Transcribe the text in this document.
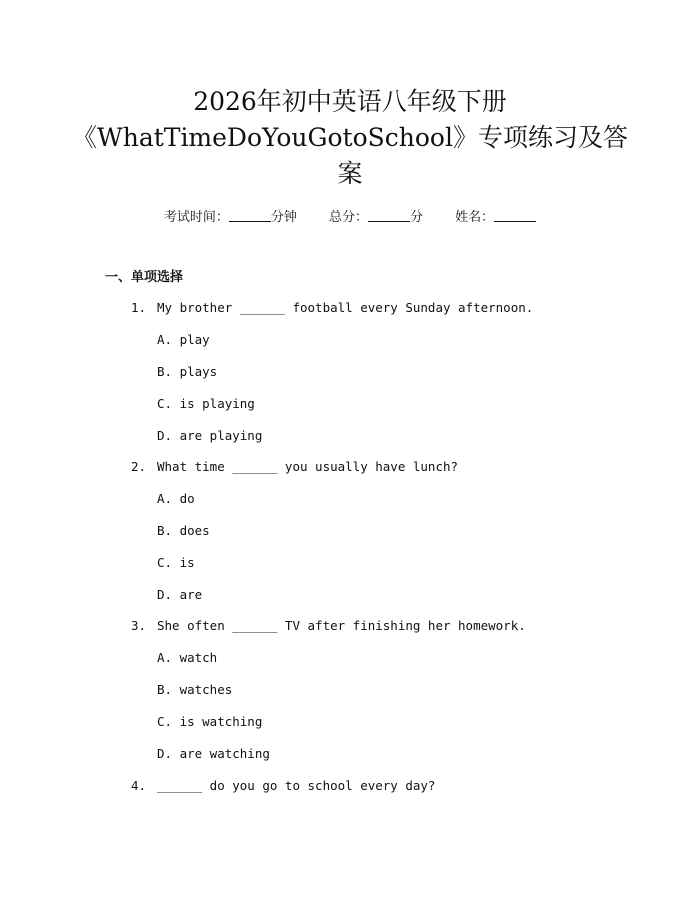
2026年初中英语八年级下册
《WhatTimeDoYouGotoSchool》专项练习及答
案
考试时间：	分钟 总分：	分 姓名：
一、单项选择
1. My brother ______ football every Sunday afternoon.
A. play
B. plays
C. is playing
D. are playing
2. What time ______ you usually have lunch?
A. do
B. does
C. is
D. are
3. She often ______ TV after finishing her homework.
A. watch
B. watches
C. is watching
D. are watching
4. ______ do you go to school every day?
